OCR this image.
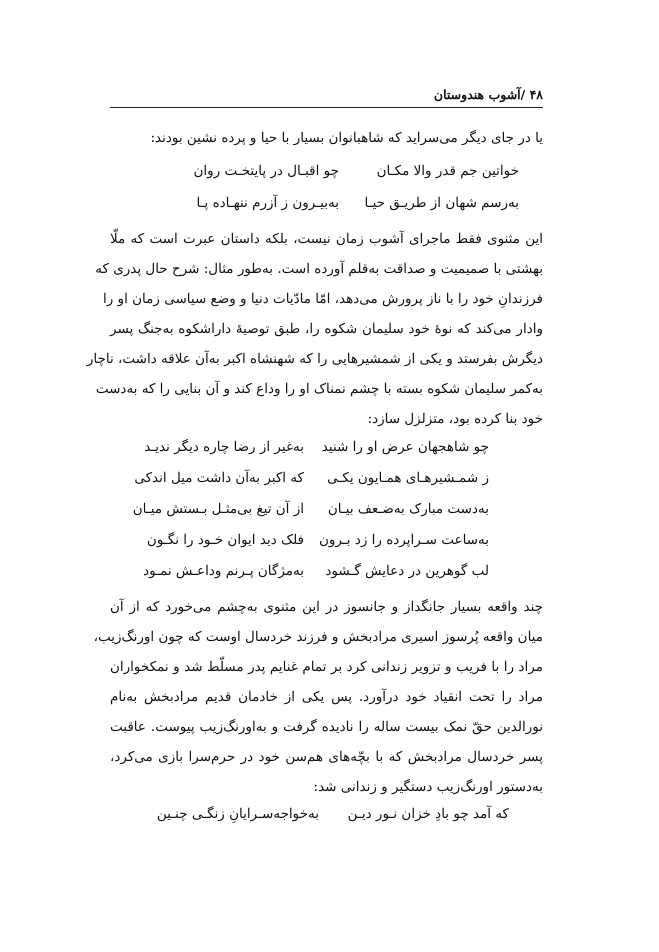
۴۸ /آشوب هندوستان
یا در جای دیگر می‌سراید که شاهبانوان بسیار با حیا و پرده نشین بودند:
خواتین جم قدر والا مکـان
چو اقبـال در پایتخـت روان
به‌رسم شهان از طریـق حیـا
به‌بیـرون ز آزرم ننهـاده پـا
این مثنوی فقط ماجرای آشوب زمان نیست، بلکه داستان عبرت است که ملّا
بهشتی با صمیمیت و صداقت به‌قلم آورده است. به‌طور مثال: شرح حال پدری که
فرزندانِ خود را با ناز پرورش می‌دهد، امّا مادّیات دنیا و وضع سیاسی زمان او را
وادار می‌کند که نوهٔ خود سلیمان شکوه را، طبق توصیهٔ داراشکوه به‌جنگ پسر
دیگرش بفرستد و یکی از شمشیرهایی را که شهنشاه اکبر به‌آن علاقه داشت، ناچار
به‌کمر سلیمان شکوه بسته با چشم نمناک او را وداع کند و آن بنایی را که به‌دست
خود بنا کرده بود، متزلزل سازد:
چو شاهجهان عرض او را شنید
به‌غیر از رضا چاره دیگر ندیـد
ز شمـشیرهـای همـایون یکـی
که اکبر به‌آن داشت میل اندکی
به‌دست مبارک به‌ضـعف بیـان
از آن تیغ بی‌مثـل بـستش میـان
به‌ساعت سـراپرده را زد بـرون
فلک دید ایوان خـود را نگـون
لب گوهرین در دعایش گـشود
به‌مژگان پـرنم وداعـش نمـود
چند واقعه بسیار جانگداز و جانسوز در این مثنوی به‌چشم می‌خورد که از آن
میان واقعه پُرسوز اسیری مرادبخش و فرزند خردسال اوست که چون اورنگ‌زیب،
مراد را با فریب و تزویر زندانی کرد بر تمام غنایم پدر مسلّط شد و نمکخواران
مراد را تحت انقیاد خود درآورد. پس یکی از خادمان قدیم مرادبخش به‌نام
نورالدین حقّ نمک بیست ساله را نادیده گرفت و به‌اورنگ‌زیب پیوست. عاقبت
پسر خردسال مرادبخش که با بچّه‌های هم‌سن خود در حرم‌سرا بازی می‌کرد،
به‌دستور اورنگ‌زیب دستگیر و زندانی شد:
که آمد چو بادِ خزان نـور دیـن
به‌خواجه‌سـرایانِ زنگـی چنـین
